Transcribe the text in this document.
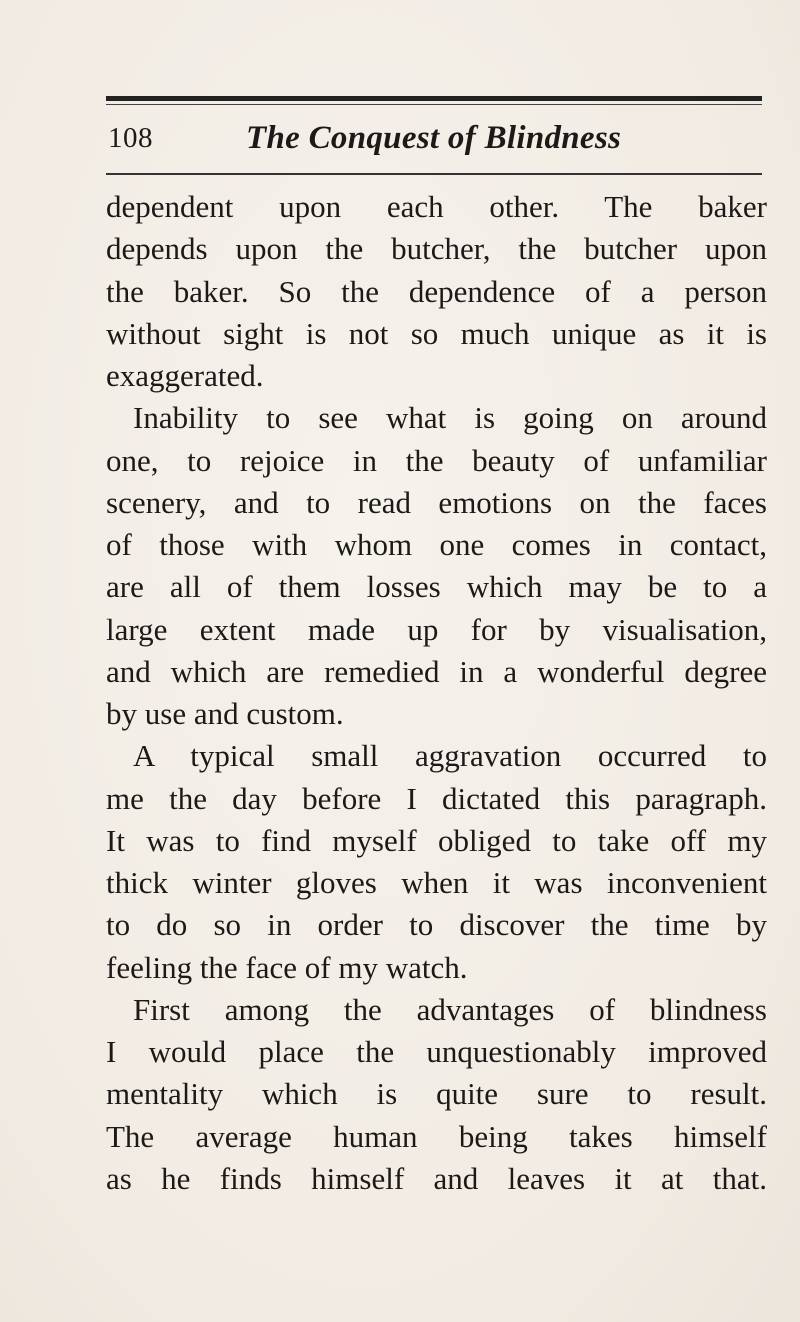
108	The Conquest of Blindness
dependent upon each other. The baker
depends upon the butcher, the butcher upon
the baker. So the dependence of a person
without sight is not so much unique as it is
exaggerated.
Inability to see what is going on around
one, to rejoice in the beauty of unfamiliar
scenery, and to read emotions on the faces
of those with whom one comes in contact,
are all of them losses which may be to a
large extent made up for by visualisation,
and which are remedied in a wonderful degree
by use and custom.
A typical small aggravation occurred to
me the day before I dictated this paragraph.
It was to find myself obliged to take off my
thick winter gloves when it was inconvenient
to do so in order to discover the time by
feeling the face of my watch.
First among the advantages of blindness
I would place the unquestionably improved
mentality which is quite sure to result.
The average human being takes himself
as he finds himself and leaves it at that.
